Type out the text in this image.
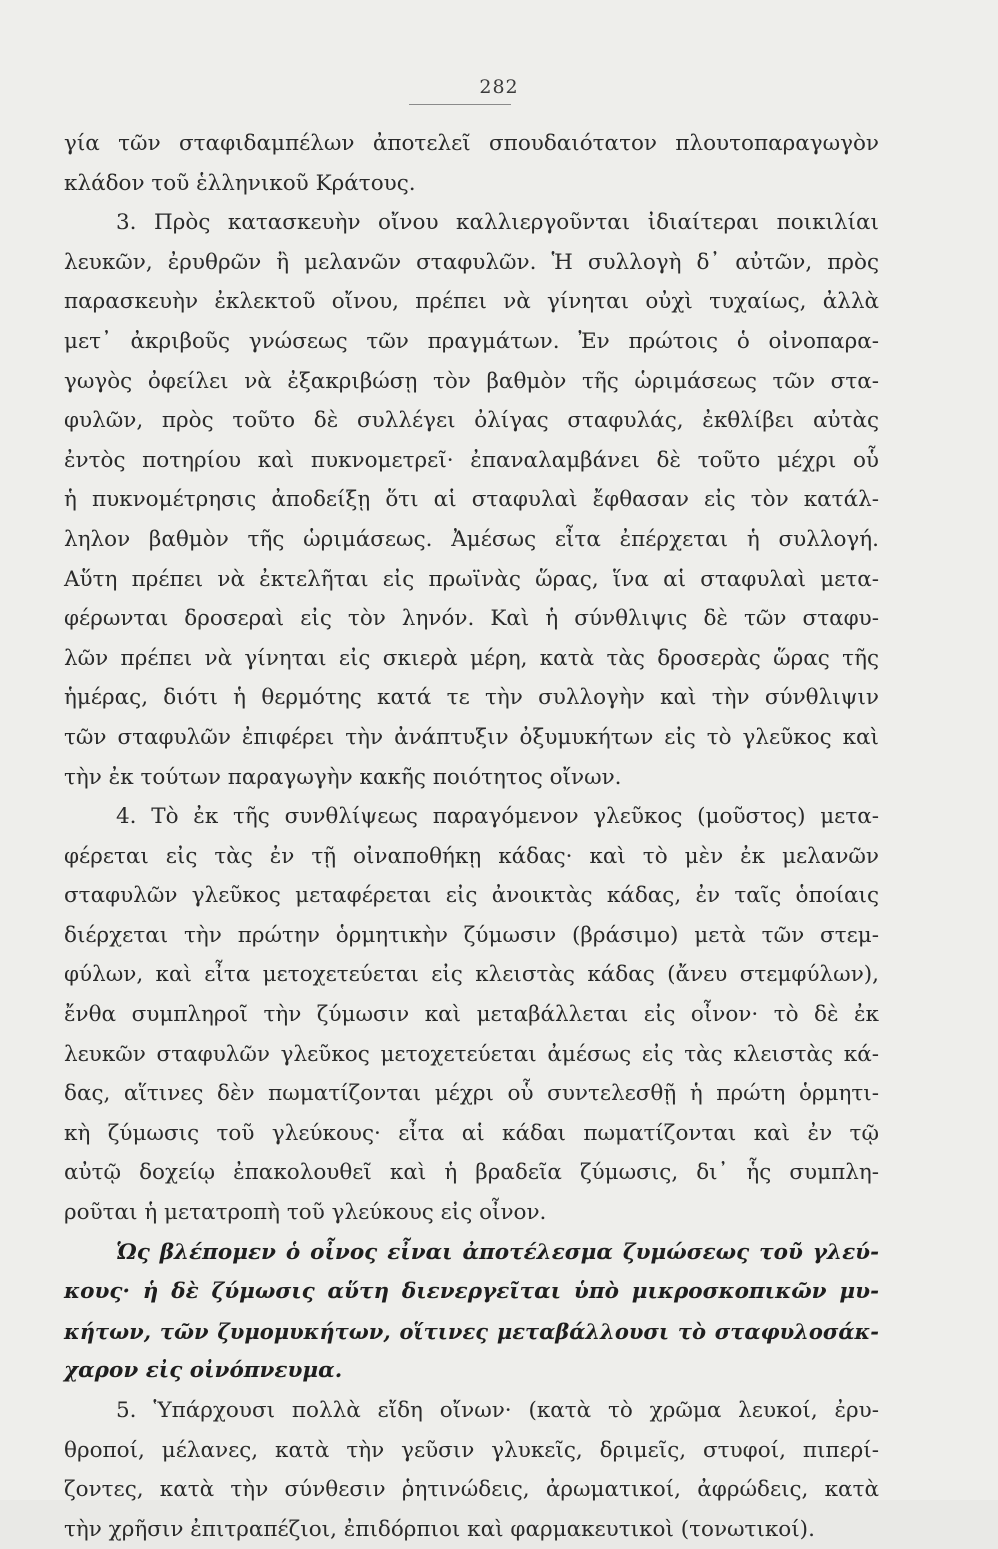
282
γία τῶν σταφιδαμπέλων ἀποτελεῖ σπουδαιότατον πλουτοπαραγωγὸν
κλάδον τοῦ ἑλληνικοῦ Κράτους.
3. Πρὸς κατασκευὴν οἴνου καλλιεργοῦνται ἰδιαίτεραι ποικιλίαι
λευκῶν, ἐρυθρῶν ἢ μελανῶν σταφυλῶν. Ἡ συλλογὴ δ᾽ αὐτῶν, πρὸς
παρασκευὴν ἐκλεκτοῦ οἴνου, πρέπει νὰ γίνηται οὐχὶ τυχαίως, ἀλλὰ
μετ᾽ ἀκριβοῦς γνώσεως τῶν πραγμάτων. Ἐν πρώτοις ὁ οἰνοπαρα-
γωγὸς ὀφείλει νὰ ἐξακριβώσῃ τὸν βαθμὸν τῆς ὡριμάσεως τῶν στα-
φυλῶν, πρὸς τοῦτο δὲ συλλέγει ὀλίγας σταφυλάς, ἐκθλίβει αὐτὰς
ἐντὸς ποτηρίου καὶ πυκνομετρεῖ· ἐπαναλαμβάνει δὲ τοῦτο μέχρι οὗ
ἡ πυκνομέτρησις ἀποδείξῃ ὅτι αἱ σταφυλαὶ ἔφθασαν εἰς τὸν κατάλ-
ληλον βαθμὸν τῆς ὡριμάσεως. Ἀμέσως εἶτα ἐπέρχεται ἡ συλλογή.
Αὕτη πρέπει νὰ ἐκτελῆται εἰς πρωϊνὰς ὥρας, ἵνα αἱ σταφυλαὶ μετα-
φέρωνται δροσεραὶ εἰς τὸν ληνόν. Καὶ ἡ σύνθλιψις δὲ τῶν σταφυ-
λῶν πρέπει νὰ γίνηται εἰς σκιερὰ μέρη, κατὰ τὰς δροσερὰς ὥρας τῆς
ἡμέρας, διότι ἡ θερμότης κατά τε τὴν συλλογὴν καὶ τὴν σύνθλιψιν
τῶν σταφυλῶν ἐπιφέρει τὴν ἀνάπτυξιν ὀξυμυκήτων εἰς τὸ γλεῦκος καὶ
τὴν ἐκ τούτων παραγωγὴν κακῆς ποιότητος οἴνων.
4. Τὸ ἐκ τῆς συνθλίψεως παραγόμενον γλεῦκος (μοῦστος) μετα-
φέρεται εἰς τὰς ἐν τῇ οἰναποθήκῃ κάδας· καὶ τὸ μὲν ἐκ μελανῶν
σταφυλῶν γλεῦκος μεταφέρεται εἰς ἀνοικτὰς κάδας, ἐν ταῖς ὁποίαις
διέρχεται τὴν πρώτην ὁρμητικὴν ζύμωσιν (βράσιμο) μετὰ τῶν στεμ-
φύλων, καὶ εἶτα μετοχετεύεται εἰς κλειστὰς κάδας (ἄνευ στεμφύλων),
ἔνθα συμπληροῖ τὴν ζύμωσιν καὶ μεταβάλλεται εἰς οἶνον· τὸ δὲ ἐκ
λευκῶν σταφυλῶν γλεῦκος μετοχετεύεται ἀμέσως εἰς τὰς κλειστὰς κά-
δας, αἵτινες δὲν πωματίζονται μέχρι οὗ συντελεσθῇ ἡ πρώτη ὁρμητι-
κὴ ζύμωσις τοῦ γλεύκους· εἶτα αἱ κάδαι πωματίζονται καὶ ἐν τῷ
αὐτῷ δοχείῳ ἐπακολουθεῖ καὶ ἡ βραδεῖα ζύμωσις, δι᾽ ἧς συμπλη-
ροῦται ἡ μετατροπὴ τοῦ γλεύκους εἰς οἶνον.
Ὡς βλέπομεν ὁ οἶνος εἶναι ἀποτέλεσμα ζυμώσεως τοῦ γλεύ-
κους· ἡ δὲ ζύμωσις αὕτη διενεργεῖται ὑπὸ μικροσκοπικῶν μυ-
κήτων, τῶν ζυμομυκήτων, οἵτινες μεταβάλλουσι τὸ σταφυλοσάκ-
χαρον εἰς οἰνόπνευμα.
5. Ὑπάρχουσι πολλὰ εἴδη οἴνων· (κατὰ τὸ χρῶμα λευκοί, ἐρυ-
θροποί, μέλανες, κατὰ τὴν γεῦσιν γλυκεῖς, δριμεῖς, στυφοί, πιπερί-
ζοντες, κατὰ τὴν σύνθεσιν ῥητινώδεις, ἀρωματικοί, ἀφρώδεις, κατὰ
τὴν χρῆσιν ἐπιτραπέζιοι, ἐπιδόρπιοι καὶ φαρμακευτικοὶ (τονωτικοί).
